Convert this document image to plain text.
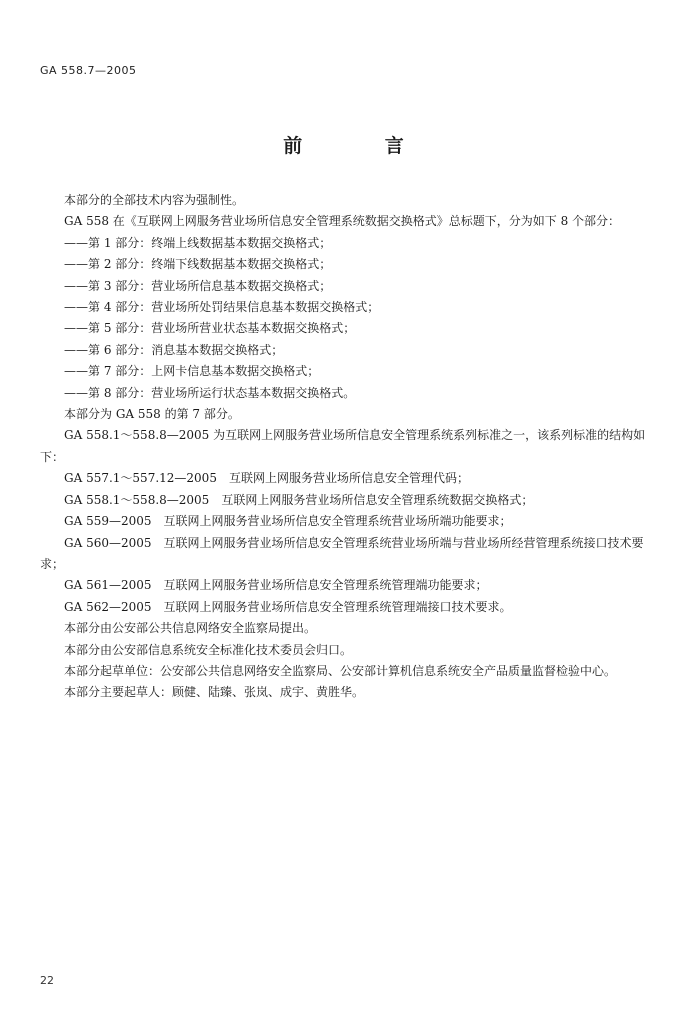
GA 558.7—2005
前 言

本部分的全部技术内容为强制性。

GA 558 在《互联网上网服务营业场所信息安全管理系统数据交换格式》总标题下，分为如下 8 个部分：

——第 1 部分：终端上线数据基本数据交换格式；

——第 2 部分：终端下线数据基本数据交换格式；

——第 3 部分：营业场所信息基本数据交换格式；

——第 4 部分：营业场所处罚结果信息基本数据交换格式；

——第 5 部分：营业场所营业状态基本数据交换格式；

——第 6 部分：消息基本数据交换格式；

——第 7 部分：上网卡信息基本数据交换格式；

——第 8 部分：营业场所运行状态基本数据交换格式。

本部分为 GA 558 的第 7 部分。

GA 558.1～558.8—2005 为互联网上网服务营业场所信息安全管理系统系列标准之一，该系列标准的结构如下：

GA 557.1～557.12—2005　互联网上网服务营业场所信息安全管理代码；

GA 558.1～558.8—2005　互联网上网服务营业场所信息安全管理系统数据交换格式；

GA 559—2005　互联网上网服务营业场所信息安全管理系统营业场所端功能要求；

GA 560—2005　互联网上网服务营业场所信息安全管理系统营业场所端与营业场所经营管理系统接口技术要求；

GA 561—2005　互联网上网服务营业场所信息安全管理系统管理端功能要求；

GA 562—2005　互联网上网服务营业场所信息安全管理系统管理端接口技术要求。

本部分由公安部公共信息网络安全监察局提出。

本部分由公安部信息系统安全标准化技术委员会归口。

本部分起草单位：公安部公共信息网络安全监察局、公安部计算机信息系统安全产品质量监督检验中心。

本部分主要起草人：顾健、陆臻、张岚、成宇、黄胜华。

22
